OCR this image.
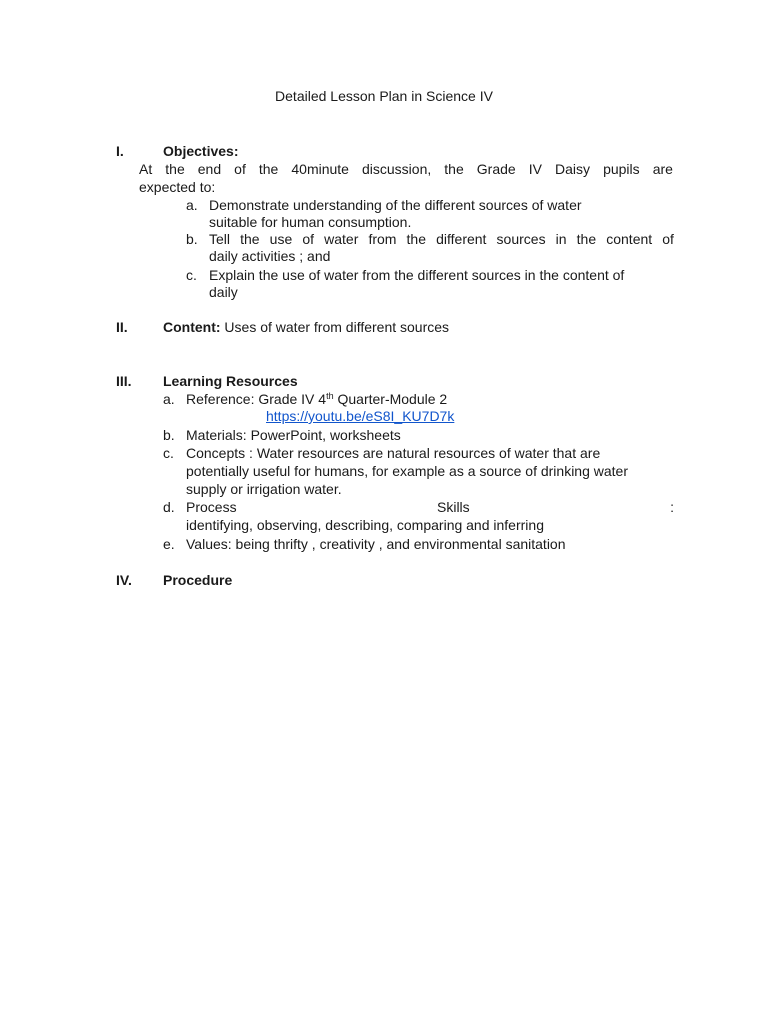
Detailed Lesson Plan in Science IV
I.	Objectives:
At the end of the 40minute discussion, the Grade IV Daisy pupils are
expected to:
a. Demonstrate understanding of the different sources of water
suitable for human consumption.
b. Tell the use of water from the different sources in the content of
daily activities ; and
c. Explain the use of water from the different sources in the content of
daily
II.	Content: Uses of water from different sources
III. Learning Resources
a. Reference: Grade IV 4th Quarter-Module 2
https://youtu.be/eS8I_KU7D7k
b. Materials: PowerPoint, worksheets
c. Concepts : Water resources are natural resources of water that are
potentially useful for humans, for example as a source of drinking water
supply or irrigation water.
d. Process	Skills	:
identifying, observing, describing, comparing and inferring
e. Values: being thrifty , creativity , and environmental sanitation
IV. Procedure
